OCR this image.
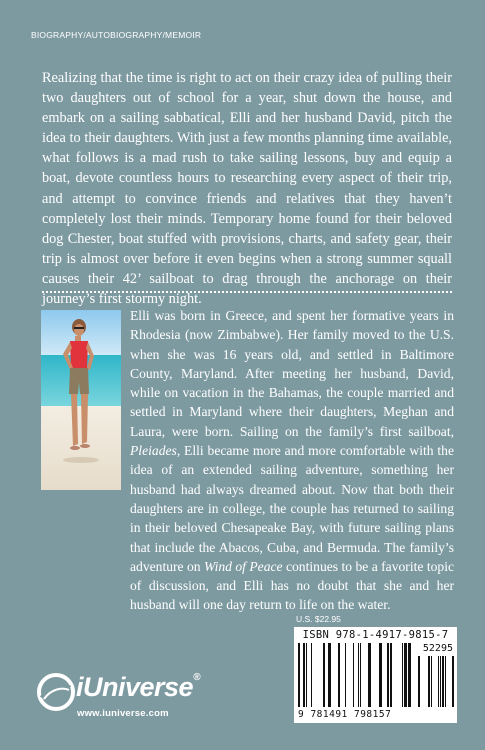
BIOGRAPHY/AUTOBIOGRAPHY/MEMOIR

Realizing that the time is right to act on their crazy idea of pulling their two daughters out of school for a year, shut down the house, and embark on a sailing sabbatical, Elli and her husband David, pitch the idea to their daughters. With just a few months planning time available, what follows is a mad rush to take sailing lessons, buy and equip a boat, devote countless hours to researching every aspect of their trip, and attempt to convince friends and relatives that they haven’t completely lost their minds. Temporary home found for their beloved dog Chester, boat stuffed with provisions, charts, and safety gear, their trip is almost over before it even begins when a strong summer squall causes their 42’ sailboat to drag through the anchorage on their journey’s first stormy night.

Elli was born in Greece, and spent her formative years in Rhodesia (now Zimbabwe). Her family moved to the U.S. when she was 16 years old, and settled in Baltimore County, Maryland. After meeting her husband, David, while on vacation in the Bahamas, the couple married and settled in Maryland where their daughters, Meghan and Laura, were born. Sailing on the family’s first sailboat, Pleiades, Elli became more and more comfortable with the idea of an extended sailing adventure, something her husband had always dreamed about. Now that both their daughters are in college, the couple has returned to sailing in their beloved Chesapeake Bay, with future sailing plans that include the Abacos, Cuba, and Bermuda. The family’s adventure on Wind of Peace continues to be a favorite topic of discussion, and Elli has no doubt that she and her husband will one day return to life on the water.

U.S. $22.95
ISBN 978-1-4917-9815-7
52295
9 781491 798157
iUniverse®
www.iuniverse.com
